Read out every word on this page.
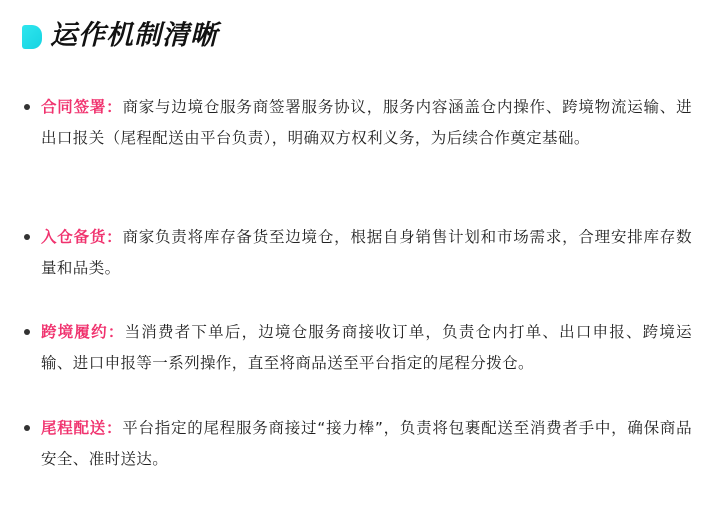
运作机制清晰
合同签署：商家与边境仓服务商签署服务协议，服务内容涵盖仓内操作、跨境物流运输、进出口报关（尾程配送由平台负责），明确双方权利义务，为后续合作奠定基础。
入仓备货：商家负责将库存备货至边境仓，根据自身销售计划和市场需求，合理安排库存数量和品类。
跨境履约：当消费者下单后，边境仓服务商接收订单，负责仓内打单、出口申报、跨境运输、进口申报等一系列操作，直至将商品送至平台指定的尾程分拨仓。
尾程配送：平台指定的尾程服务商接过“接力棒”，负责将包裹配送至消费者手中，确保商品安全、准时送达。
